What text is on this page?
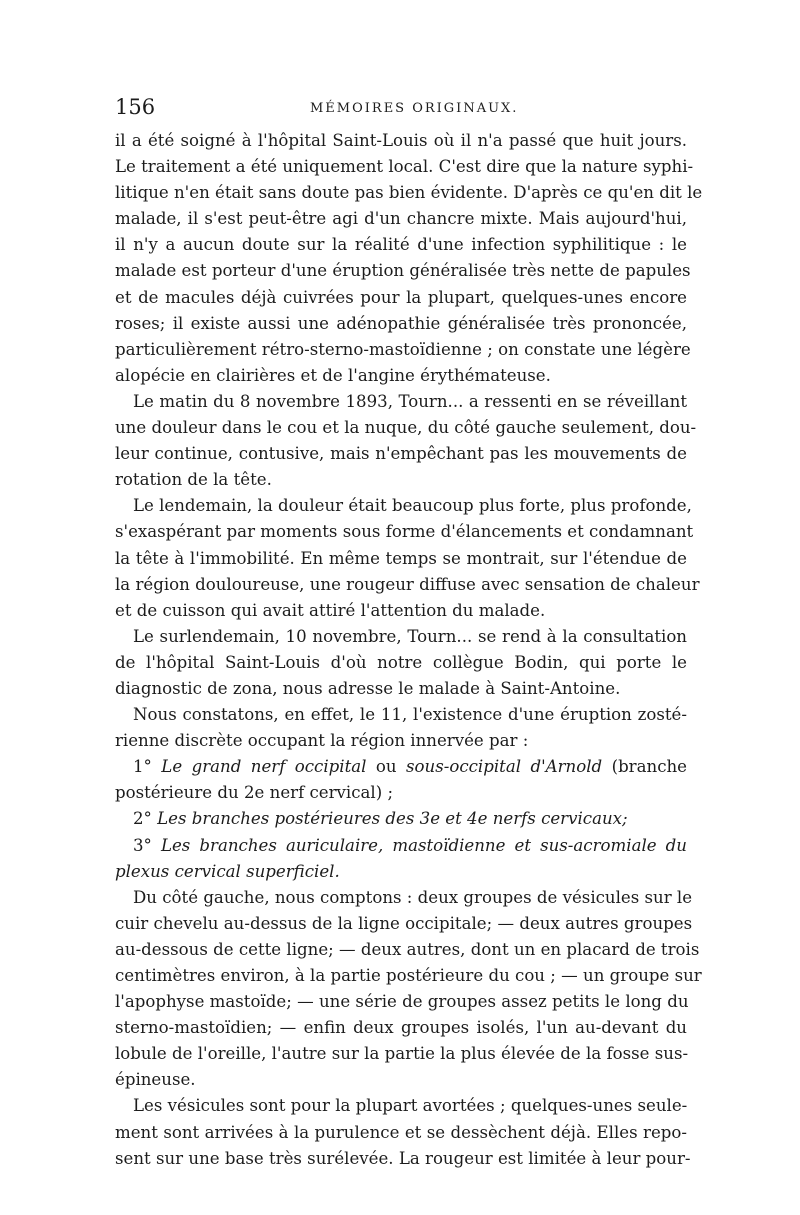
156	MÉMOIRES ORIGINAUX.
il a été soigné à l'hôpital Saint-Louis où il n'a passé que huit jours.
Le traitement a été uniquement local. C'est dire que la nature syphi-
litique n'en était sans doute pas bien évidente. D'après ce qu'en dit le
malade, il s'est peut-être agi d'un chancre mixte. Mais aujourd'hui,
il n'y a aucun doute sur la réalité d'une infection syphilitique : le
malade est porteur d'une éruption généralisée très nette de papules
et de macules déjà cuivrées pour la plupart, quelques-unes encore
roses; il existe aussi une adénopathie généralisée très prononcée,
particulièrement rétro-sterno-mastoïdienne ; on constate une légère
alopécie en clairières et de l'angine érythémateuse.
Le matin du 8 novembre 1893, Tourn... a ressenti en se réveillant
une douleur dans le cou et la nuque, du côté gauche seulement, dou-
leur continue, contusive, mais n'empêchant pas les mouvements de
rotation de la tête.
Le lendemain, la douleur était beaucoup plus forte, plus profonde,
s'exaspérant par moments sous forme d'élancements et condamnant
la tête à l'immobilité. En même temps se montrait, sur l'étendue de
la région douloureuse, une rougeur diffuse avec sensation de chaleur
et de cuisson qui avait attiré l'attention du malade.
Le surlendemain, 10 novembre, Tourn... se rend à la consultation
de l'hôpital Saint-Louis d'où notre collègue Bodin, qui porte le
diagnostic de zona, nous adresse le malade à Saint-Antoine.
Nous constatons, en effet, le 11, l'existence d'une éruption zosté-
rienne discrète occupant la région innervée par :
1° Le grand nerf occipital ou sous-occipital d'Arnold (branche
postérieure du 2e nerf cervical) ;
2° Les branches postérieures des 3e et 4e nerfs cervicaux;
3° Les branches auriculaire, mastoïdienne et sus-acromiale du
plexus cervical superficiel.
Du côté gauche, nous comptons : deux groupes de vésicules sur le
cuir chevelu au-dessus de la ligne occipitale; — deux autres groupes
au-dessous de cette ligne; — deux autres, dont un en placard de trois
centimètres environ, à la partie postérieure du cou ; — un groupe sur
l'apophyse mastoïde; — une série de groupes assez petits le long du
sterno-mastoïdien; — enfin deux groupes isolés, l'un au-devant du
lobule de l'oreille, l'autre sur la partie la plus élevée de la fosse sus-
épineuse.
Les vésicules sont pour la plupart avortées ; quelques-unes seule-
ment sont arrivées à la purulence et se dessèchent déjà. Elles repo-
sent sur une base très surélevée. La rougeur est limitée à leur pour-
